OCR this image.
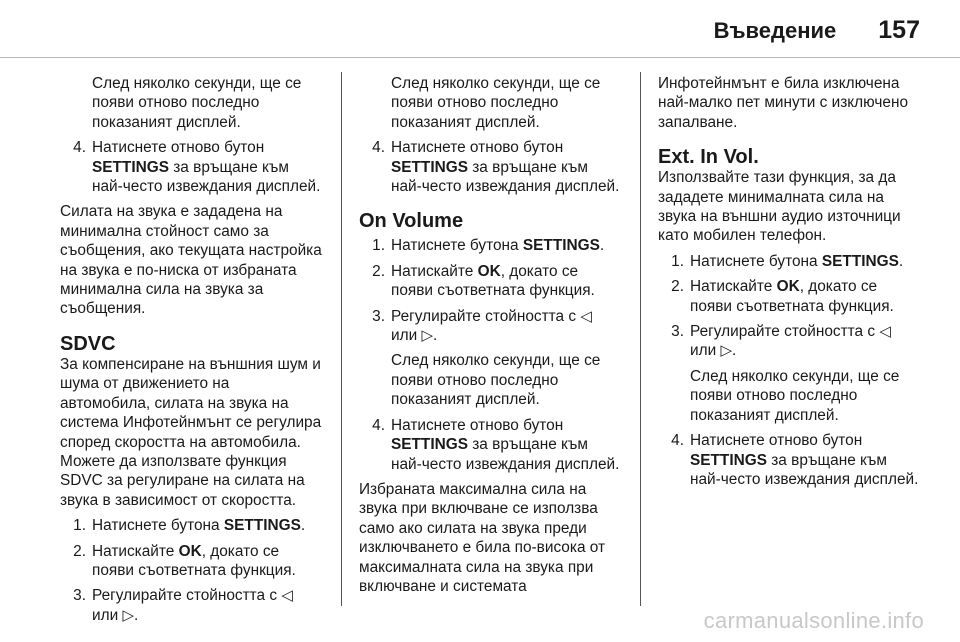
Въведение 157

След няколко секунди, ще се появи отново последно показаният дисплей.

4. Натиснете отново бутон SETTINGS за връщане към най-често извеждания дисплей.

Силата на звука е зададена на минимална стойност само за съобщения, ако текущата настройка на звука е по-ниска от избраната минимална сила на звука за съобщения.

SDVC

За компенсиране на външния шум и шума от движението на автомобила, силата на звука на система Инфотейнмънт се регулира според скоростта на автомобила. Можете да използвате функция SDVC за регулиране на силата на звука в зависимост от скоростта.

1. Натиснете бутона SETTINGS.
2. Натискайте OK, докато се появи съответната функция.
3. Регулирайте стойността с ◁ или ▷.

След няколко секунди, ще се появи отново последно показаният дисплей.

4. Натиснете отново бутон SETTINGS за връщане към най-често извеждания дисплей.
On Volume
1. Натиснете бутона SETTINGS.
2. Натискайте OK, докато се появи съответната функция.
3. Регулирайте стойността с ◁ или ▷.

След няколко секунди, ще се появи отново последно показаният дисплей.

4. Натиснете отново бутон SETTINGS за връщане към най-често извеждания дисплей.

Избраната максимална сила на звука при включване се използва само ако силата на звука преди изключването е била по-висока от максималната сила на звука при включване и системата

Инфотейнмънт е била изключена най-малко пет минути с изключено запалване.

Ext. In Vol.

Използвайте тази функция, за да зададете минималната сила на звука на външни аудио източници като мобилен телефон.

1. Натиснете бутона SETTINGS.
2. Натискайте OK, докато се появи съответната функция.
3. Регулирайте стойността с ◁ или ▷.

След няколко секунди, ще се появи отново последно показаният дисплей.

4. Натиснете отново бутон SETTINGS за връщане към най-често извеждания дисплей.
carmanualsonline.info
